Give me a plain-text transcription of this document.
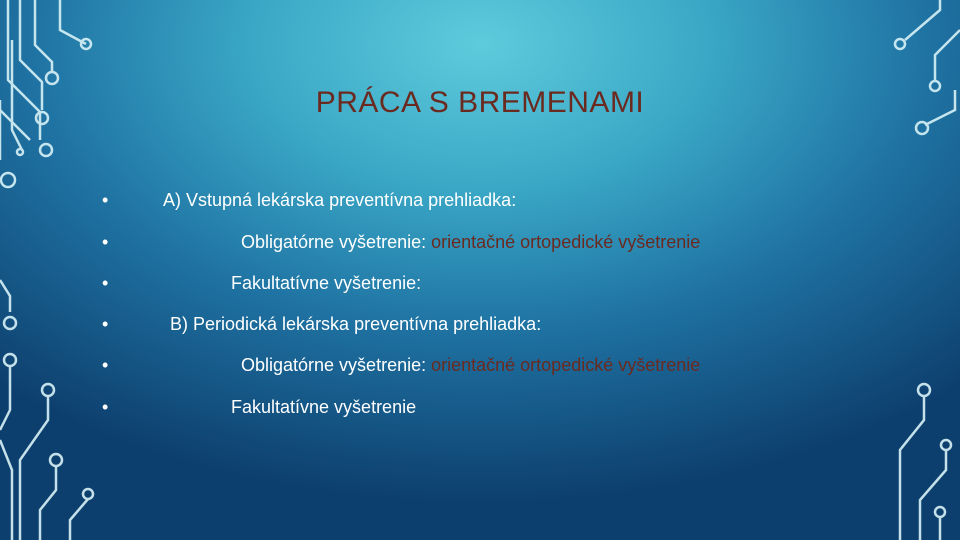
PRÁCA S BREMENAMI
•	A) Vstupná lekárska preventívna prehliadka:
•	Obligatórne vyšetrenie: orientačné ortopedické vyšetrenie
•	Fakultatívne vyšetrenie:
•	B) Periodická lekárska preventívna prehliadka:
•	Obligatórne vyšetrenie: orientačné ortopedické vyšetrenie
•	Fakultatívne vyšetrenie
